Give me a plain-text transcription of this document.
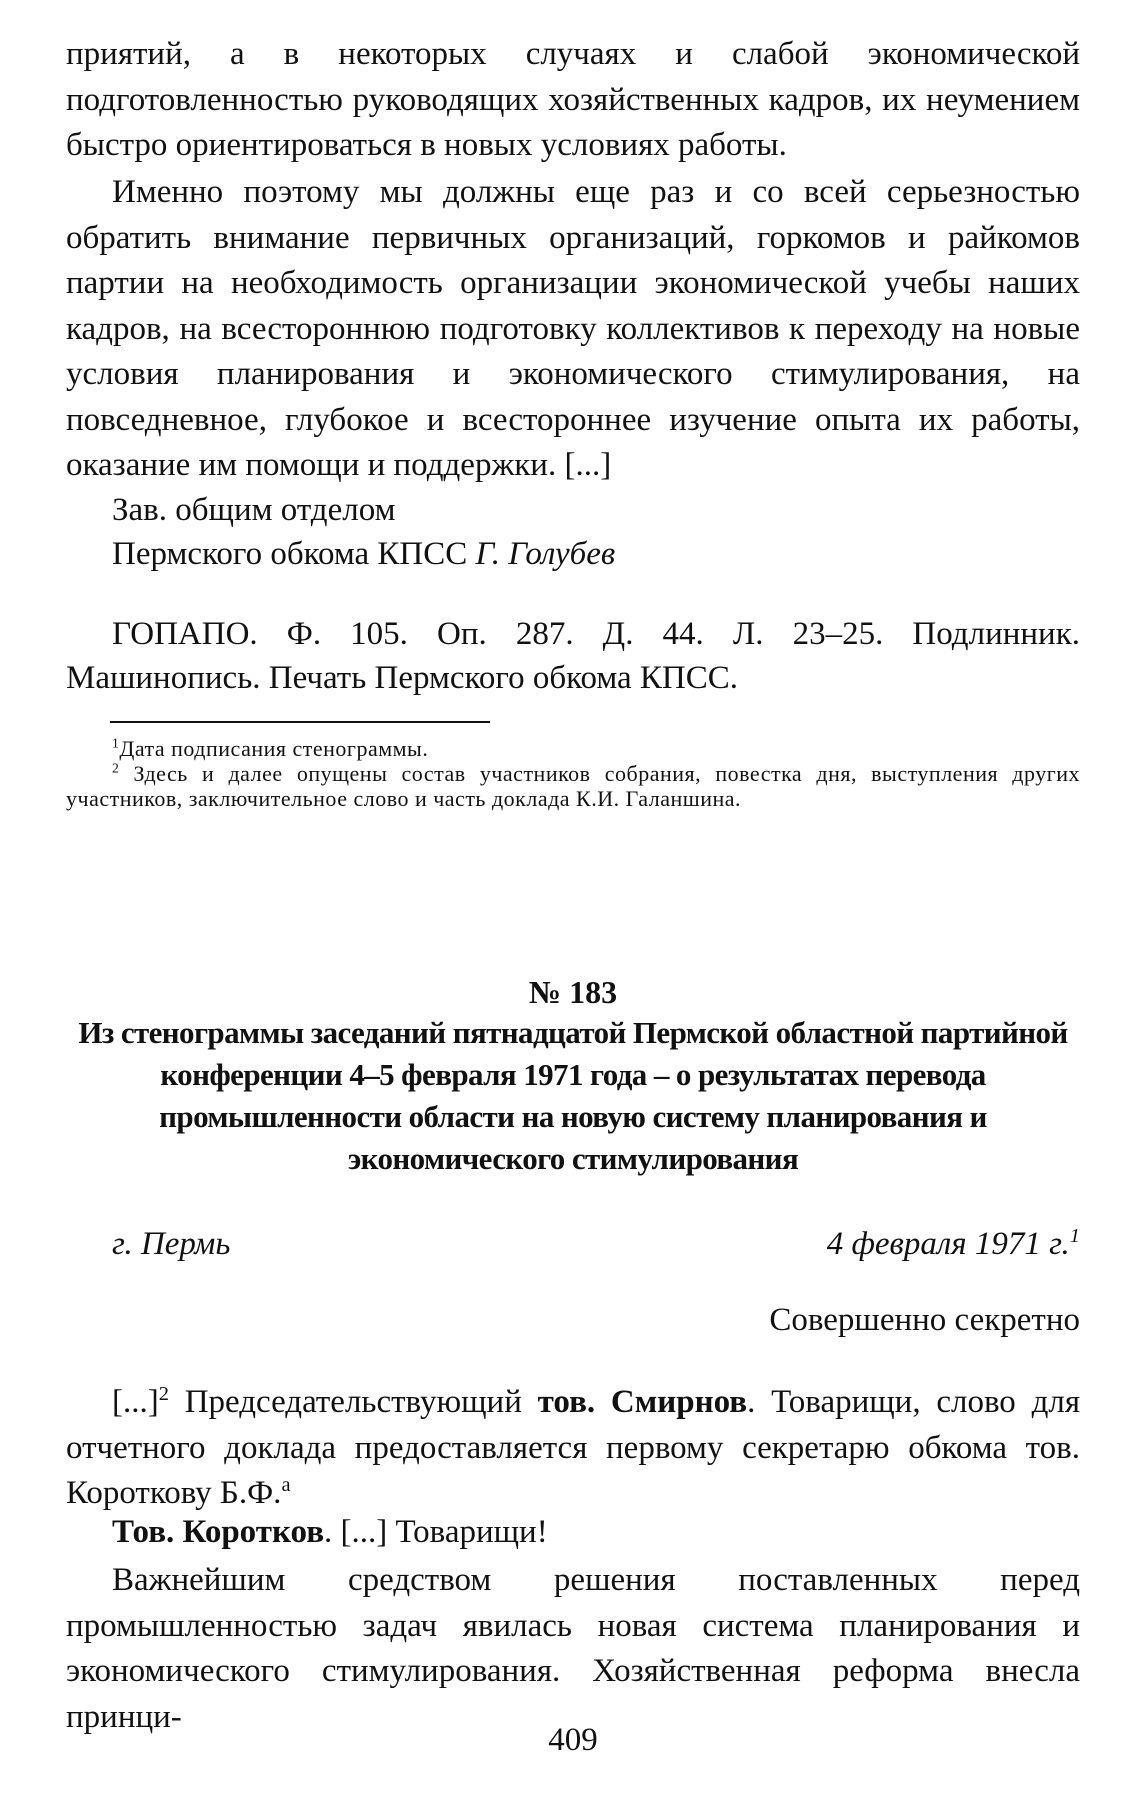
приятий, а в некоторых случаях и слабой экономической подготовленностью руководящих хозяйственных кадров, их неумением быстро ориентироваться в новых условиях работы.

Именно поэтому мы должны еще раз и со всей серьезностью обратить внимание первичных организаций, горкомов и райкомов партии на необходимость организации экономической учебы наших кадров, на всестороннюю подготовку коллективов к переходу на новые условия планирования и экономического стимулирования, на повседневное, глубокое и всестороннее изучение опыта их работы, оказание им помощи и поддержки. [...]

Зав. общим отделом
Пермского обкома КПСС Г. Голубев
ГОПАПО. Ф. 105. Оп. 287. Д. 44. Л. 23–25. Подлинник. Машинопись. Печать Пермского обкома КПСС.

$^1$Дата подписания стенограммы.

$^2$ Здесь и далее опущены состав участников собрания, повестка дня, выступления других участников, заключительное слово и часть доклада К.И. Галаншина.

№ 183
Из стенограммы заседаний пятнадцатой Пермской областной партийной конференции 4–5 февраля 1971 года – о результатах перевода промышленности области на новую систему планирования и экономического стимулирования
г. Пермь	4 февраля 1971 г.$^1$
Совершенно секретно

[...]$^2$ Председательствующий тов. Смирнов. Товарищи, слово для отчетного доклада предоставляется первому секретарю обкома тов. Короткову Б.Ф.$^а$

Тов. Коротков. [...] Товарищи!

Важнейшим средством решения поставленных перед промышленностью задач явилась новая система планирования и экономического стимулирования. Хозяйственная реформа внесла принци-

409
